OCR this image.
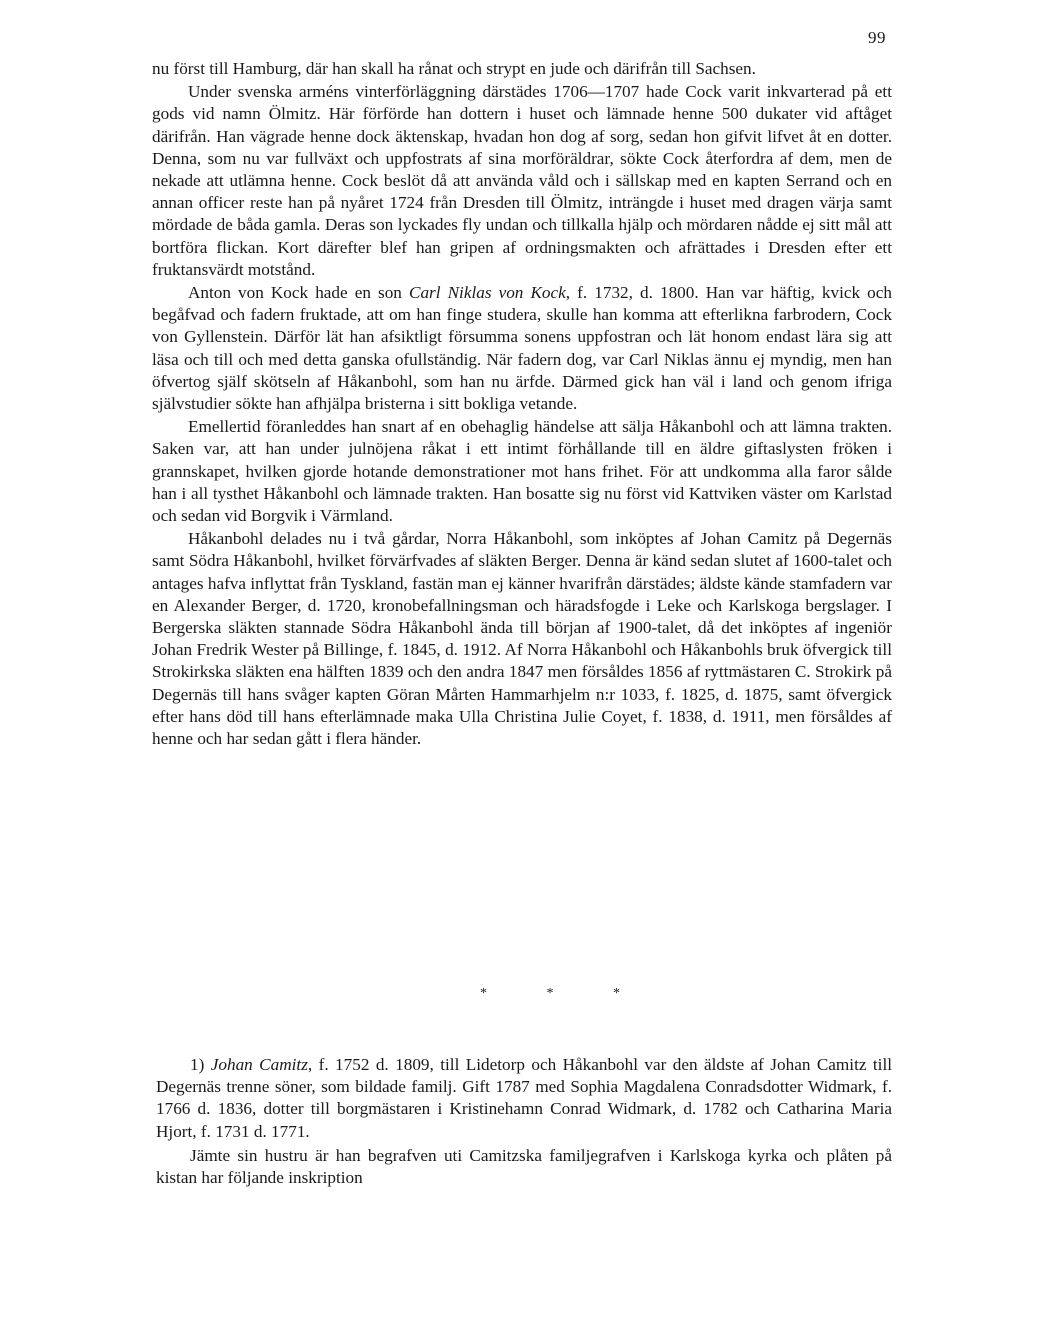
99

nu först till Hamburg, där han skall ha rånat och strypt en jude och därifrån till Sachsen.

Under svenska arméns vinterförläggning därstädes 1706—1707 hade Cock varit inkvarterad på ett gods vid namn Ölmitz. Här förförde han dottern i huset och lämnade henne 500 dukater vid aftåget därifrån. Han vägrade henne dock äktenskap, hvadan hon dog af sorg, sedan hon gifvit lifvet åt en dotter. Denna, som nu var fullväxt och uppfostrats af sina morföräldrar, sökte Cock återfordra af dem, men de nekade att utlämna henne. Cock beslöt då att använda våld och i sällskap med en kapten Serrand och en annan officer reste han på nyåret 1724 från Dresden till Ölmitz, inträngde i huset med dragen värja samt mördade de båda gamla. Deras son lyckades fly undan och tillkalla hjälp och mördaren nådde ej sitt mål att bortföra flickan. Kort därefter blef han gripen af ordningsmakten och afrättades i Dresden efter ett fruktansvärdt motstånd.

Anton von Kock hade en son Carl Niklas von Kock, f. 1732, d. 1800. Han var häftig, kvick och begåfvad och fadern fruktade, att om han finge studera, skulle han komma att efterlikna farbrodern, Cock von Gyllenstein. Därför lät han afsiktligt försumma sonens uppfostran och lät honom endast lära sig att läsa och till och med detta ganska ofullständig. När fadern dog, var Carl Niklas ännu ej myndig, men han öfvertog själf skötseln af Håkanbohl, som han nu ärfde. Därmed gick han väl i land och genom ifriga självstudier sökte han afhjälpa bristerna i sitt bokliga vetande.

Emellertid föranleddes han snart af en obehaglig händelse att sälja Håkanbohl och att lämna trakten. Saken var, att han under julnöjena råkat i ett intimt förhållande till en äldre giftaslysten fröken i grannskapet, hvilken gjorde hotande demonstrationer mot hans frihet. För att undkomma alla faror sålde han i all tysthet Håkanbohl och lämnade trakten. Han bosatte sig nu först vid Kattviken väster om Karlstad och sedan vid Borgvik i Värmland.

Håkanbohl delades nu i två gårdar, Norra Håkanbohl, som inköptes af Johan Camitz på Degernäs samt Södra Håkanbohl, hvilket förvärfvades af släkten Berger. Denna är känd sedan slutet af 1600-talet och antages hafva inflyttat från Tyskland, fastän man ej känner hvarifrån därstädes; äldste kände stamfadern var en Alexander Berger, d. 1720, kronobefallningsman och häradsfogde i Leke och Karlskoga bergslager. I Bergerska släkten stannade Södra Håkanbohl ända till början af 1900-talet, då det inköptes af ingeniör Johan Fredrik Wester på Billinge, f. 1845, d. 1912. Af Norra Håkanbohl och Håkanbohls bruk öfvergick till Strokirkska släkten ena hälften 1839 och den andra 1847 men försåldes 1856 af ryttmästaren C. Strokirk på Degernäs till hans svåger kapten Göran Mårten Hammarhjelm n:r 1033, f. 1825, d. 1875, samt öfvergick efter hans död till hans efterlämnade maka Ulla Christina Julie Coyet, f. 1838, d. 1911, men försåldes af henne och har sedan gått i flera händer.

*	*	*

1) Johan Camitz, f. 1752 d. 1809, till Lidetorp och Håkanbohl var den äldste af Johan Camitz till Degernäs trenne söner, som bildade familj. Gift 1787 med Sophia Magdalena Conradsdotter Widmark, f. 1766 d. 1836, dotter till borgmästaren i Kristinehamn Conrad Widmark, d. 1782 och Catharina Maria Hjort, f. 1731 d. 1771.

Jämte sin hustru är han begrafven uti Camitzska familjegrafven i Karlskoga kyrka och plåten på kistan har följande inskription
